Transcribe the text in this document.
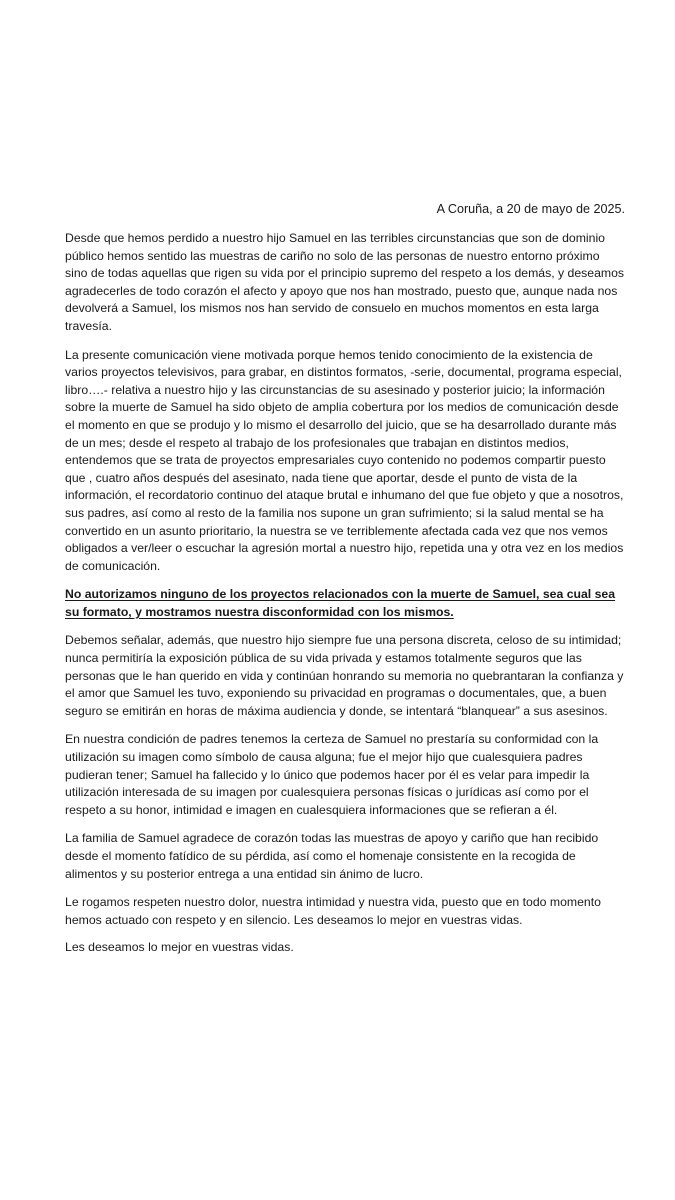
A Coruña, a 20 de mayo de 2025.

Desde que hemos perdido a nuestro hijo Samuel en las terribles circunstancias que son de dominio público hemos sentido las muestras de cariño no solo de las personas de nuestro entorno próximo sino de todas aquellas que rigen su vida por el principio supremo del respeto a los demás, y deseamos agradecerles de todo corazón el afecto y apoyo que nos han mostrado, puesto que, aunque nada nos devolverá a Samuel, los mismos nos han servido de consuelo en muchos momentos en esta larga travesía.

La presente comunicación viene motivada porque hemos tenido conocimiento de la existencia de varios proyectos televisivos, para grabar, en distintos formatos, -serie, documental, programa especial, libro….- relativa a nuestro hijo y las circunstancias de su asesinado y posterior juicio; la información sobre la muerte de Samuel ha sido objeto de amplia cobertura por los medios de comunicación desde el momento en que se produjo y lo mismo el desarrollo del juicio, que se ha desarrollado durante más de un mes; desde el respeto al trabajo de los profesionales que trabajan en distintos medios, entendemos que se trata de proyectos empresariales cuyo contenido no podemos compartir puesto que , cuatro años después del asesinato, nada tiene que aportar, desde el punto de vista de la información, el recordatorio continuo del ataque brutal e inhumano del que fue objeto y que a nosotros, sus padres, así como al resto de la familia nos supone un gran sufrimiento; si la salud mental se ha convertido en un asunto prioritario, la nuestra se ve terriblemente afectada cada vez que nos vemos obligados a ver/leer o escuchar la agresión mortal a nuestro hijo, repetida una y otra vez en los medios de comunicación.

No autorizamos ninguno de los proyectos relacionados con la muerte de Samuel, sea cual sea su formato, y mostramos nuestra disconformidad con los mismos.

Debemos señalar, además, que nuestro hijo siempre fue una persona discreta, celoso de su intimidad; nunca permitiría la exposición pública de su vida privada y estamos totalmente seguros que las personas que le han querido en vida y continúan honrando su memoria no quebrantaran la confianza y el amor que Samuel les tuvo, exponiendo su privacidad en programas o documentales, que, a buen seguro se emitirán en horas de máxima audiencia y donde, se intentará “blanquear” a sus asesinos.

En nuestra condición de padres tenemos la certeza de Samuel no prestaría su conformidad con la utilización su imagen como símbolo de causa alguna; fue el mejor hijo que cualesquiera padres pudieran tener; Samuel ha fallecido y lo único que podemos hacer por él es velar para impedir la utilización interesada de su imagen por cualesquiera personas físicas o jurídicas así como por el respeto a su honor, intimidad e imagen en cualesquiera informaciones que se refieran a él.

La familia de Samuel agradece de corazón todas las muestras de apoyo y cariño que han recibido desde el momento fatídico de su pérdida, así como el homenaje consistente en la recogida de alimentos y su posterior entrega a una entidad sin ánimo de lucro.

Le rogamos respeten nuestro dolor, nuestra intimidad y nuestra vida, puesto que en todo momento hemos actuado con respeto y en silencio. Les deseamos lo mejor en vuestras vidas.

Les deseamos lo mejor en vuestras vidas.
